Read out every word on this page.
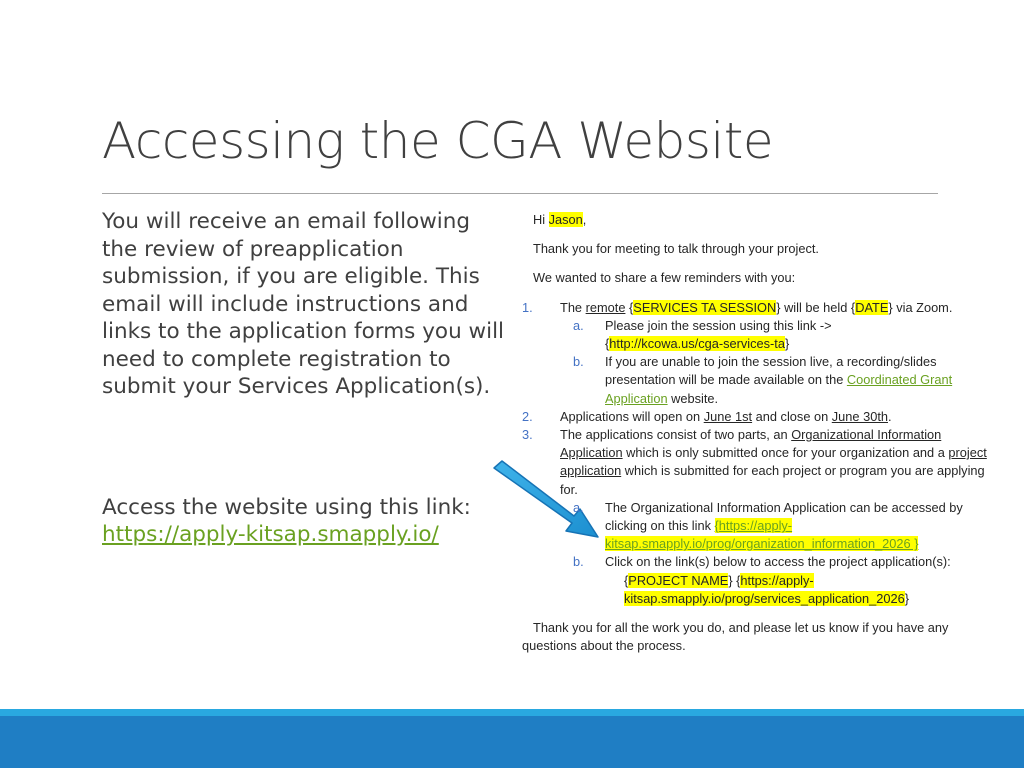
Accessing the CGA Website

You will receive an email following the review of preapplication submission, if you are eligible. This email will include instructions and links to the application forms you will need to complete registration to submit your Services Application(s).

Access the website using this link:

https://apply-kitsap.smapply.io/

Hi Jason,

Thank you for meeting to talk through your project.

We wanted to share a few reminders with you:

1.	The remote {SERVICES TA SESSION} will be held {DATE} via Zoom.
a.	Please join the session using this link ->
{http://kcowa.us/cga-services-ta}
b.	If you are unable to join the session live, a recording/slides presentation will be made available on the Coordinated Grant Application website.
2.	Applications will open on June 1st and close on June 30th.
3.	The applications consist of two parts, an Organizational Information Application which is only submitted once for your organization and a project application which is submitted for each project or program you are applying for.
a.	The Organizational Information Application can be accessed by clicking on this link {https://apply-kitsap.smapply.io/prog/organization_information_2026 }
b.	Click on the link(s) below to access the project application(s):
{PROJECT NAME} {https://apply-kitsap.smapply.io/prog/services_application_2026}

Thank you for all the work you do, and please let us know if you have any questions about the process.
